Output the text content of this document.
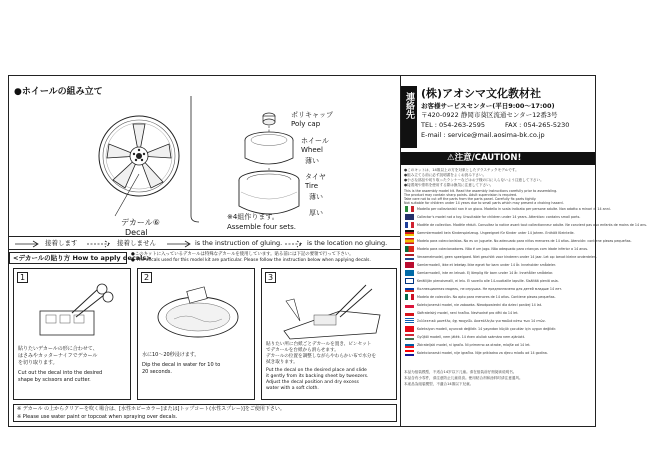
●ホイールの組み立て
デカール⑥
Decal
ポリキャップ
Poly cap
ホイール
Wheel
薄い
タイヤ
Tire
薄い
厚い
※4組作ります。
Assemble four sets.
接着します	接着しません	is the instruction of gluing.	is the location no gluing.
<デカールの貼り方 How to apply decals>
●このキットに入っているデカールは特殊なデカールを使用しています。貼る前には下記の要領で行って下さい。
● The decals used for this model kit are particular. Please follow the instruction below when applying decals.
1
貼りたいデカールの形に合わせて、
はさみやカッターナイフでデカール
を切り取ります。
Cut out the decal into the desired
shape by scissors and cutter.
2
水に10～20秒浸けます。
Dip the decal in water for 10 to
20 seconds.
3
貼りたい所に台紙ごとデカールを置き、ピンセット
でデカールを台紙から滑らせます。
デカールの位置を調整しながらやわらかい布で水分を
拭き取ります。
Put the decal on the desired place and slide
it gently from its backing sheet by tweezers.
Adjust the decal position and dry excess
water with a soft cloth.
※ デカール の上からクリアーを吹く場合は、[水性ホビーカラー]または[トップコート(水性スプレー)]をご使用下さい。
※ Please use water paint or topcoat when spraying over decals.
連絡先 (株)アオシマ文化教材社
お客様サービスセンター(平日9:00～17:00)
〒420-0922 静岡市葵区流通センター12番3号
TEL : 054-263-2595	FAX : 054-265-5230
E-mail : service@mail.aosima-bk.co.jp
⚠注意/CAUTION!
●このキットは、14歳以上の方を対象としたプラスチックモデルです。
●組み立てる前に必ず説明書をよくお読み下さい。
●小さな部品や切り取ったランナーなどはお子様の口に入らないよう注意して下さい。
●接着剤や塗料を使用する際は換気に注意して下さい。
This is the assembly model kit. Read the assembly instructions carefully prior to assembling.
The product may contain sharp points. Adult supervision is required.
Take care not to cut off the parts from the parts panel. Carefully fix parts tightly.
Not suitable for children under 14 years due to small parts which may present a choking hazard.
Modello per collezionisti non è un gioco. Modello in scala indicato per persone adulte. Non adatto a minori di 14 anni.
Collector's model not a toy. Unsuitable for children under 14 years. Attention: contains small parts.
Modèle de collection. Modèle réduit. Consultez la notice avant tout collectionneur adulte. Ne convient pas aux enfants de moins de 14 ans.
Sammlermodell kein Kinderspielzeug. Ungeeignet für Kinder unter 14 Jahren. Enthält Kleinteile.
Modelo para coleccionistas. No es un juguete. No adecuado para niños menores de 14 años. Atención: contiene piezas pequeñas.
Modelo para colecionadores. Não é um jogo. Não adequado para crianças com idade inferior a 14 anos.
Verzamelmodel, geen speelgoed. Niet geschikt voor kinderen onder 14 jaar. Let op: bevat kleine onderdelen.
Samlermodell, ikke et leketøy. Ikke egnet for barn under 14 år. Inneholder smådeler.
Samlarmodell, inte en leksak. Ej lämplig för barn under 14 år. Innehåller smådelar.
Keräilijän pienoismalli, ei lelu. Ei sovellu alle 14-vuotiaille lapsille. Sisältää pieniä osia.
Коллекционная модель, не игрушка. Не предназначена для детей младше 14 лет.
Modelo de colección. No apto para menores de 14 años. Contiene piezas pequeñas.
Kolekcjonerski model, nie zabawka. Nieodpowiedni dla dzieci poniżej 14 lat.
Sběratelský model, není hračka. Nevhodné pro děti do 14 let.
Συλλεκτικό μοντέλο, όχι παιχνίδι. Ακατάλληλο για παιδιά κάτω των 14 ετών.
Koleksiyon modeli, oyuncak değildir. 14 yaşından küçük çocuklar için uygun değildir.
Gyűjtői modell, nem játék. 14 éven aluliak számára nem ajánlott.
Zbirateljski model, ni igrača. Ni primerno za otroke, mlajše od 14 let.
Kolekcionarski model, nije igračka. Nije prikladno za djecu mlađu od 14 godina.
本品为组装模型，不适合14岁以下儿童。请在组装前仔细阅读说明书。
本品含有小零件，请注意防止儿童误食。使用粘合剂和涂料时请注意通风。
本產品為組裝模型，不適合14歲以下兒童。
